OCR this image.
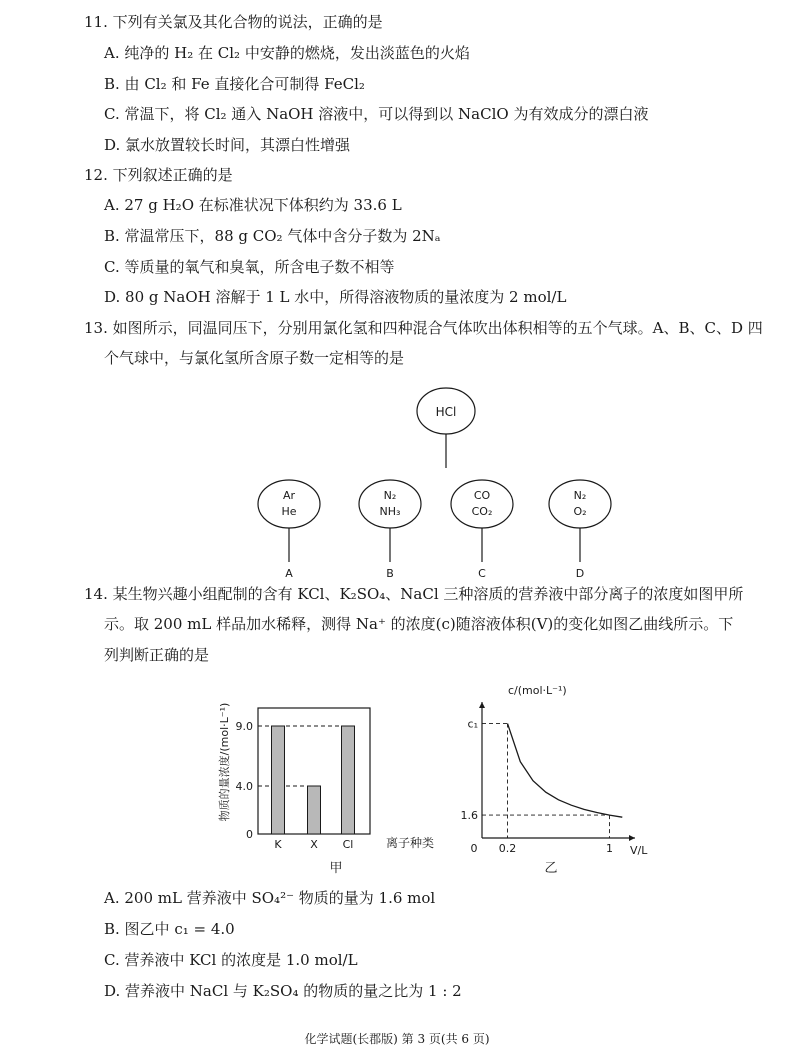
11. 下列有关氯及其化合物的说法，正确的是
A. 纯净的 H₂ 在 Cl₂ 中安静的燃烧，发出淡蓝色的火焰
B. 由 Cl₂ 和 Fe 直接化合可制得 FeCl₂
C. 常温下，将 Cl₂ 通入 NaOH 溶液中，可以得到以 NaClO 为有效成分的漂白液
D. 氯水放置较长时间，其漂白性增强
12. 下列叙述正确的是
A. 27 g H₂O 在标准状况下体积约为 33.6 L
B. 常温常压下，88 g CO₂ 气体中含分子数为 2Nₐ
C. 等质量的氧气和臭氧，所含电子数不相等
D. 80 g NaOH 溶解于 1 L 水中，所得溶液物质的量浓度为 2 mol/L
13. 如图所示，同温同压下，分别用氯化氢和四种混合气体吹出体积相等的五个气球。A、B、C、D 四
个气球中，与氯化氢所含原子数一定相等的是
HCl
Ar
He
A
N₂
NH₃
B
CO
CO₂
C
N₂
O₂
D
14. 某生物兴趣小组配制的含有 KCl、K₂SO₄、NaCl 三种溶质的营养液中部分离子的浓度如图甲所
示。取 200 mL 样品加水稀释，测得 Na⁺ 的浓度(c)随溶液体积(V)的变化如图乙曲线所示。下
列判断正确的是
0
4.0
9.0
K	X Cl
物质的量浓度/(mol·L⁻¹)
离子种类
甲
0 0.2	1
c₁
1.6
c/(mol·L⁻¹)
V/L
乙
A. 200 mL 营养液中 SO₄²⁻ 物质的量为 1.6 mol
B. 图乙中 c₁ = 4.0
C. 营养液中 KCl 的浓度是 1.0 mol/L
D. 营养液中 NaCl 与 K₂SO₄ 的物质的量之比为 1 : 2
化学试题(长郡版) 第 3 页(共 6 页)
